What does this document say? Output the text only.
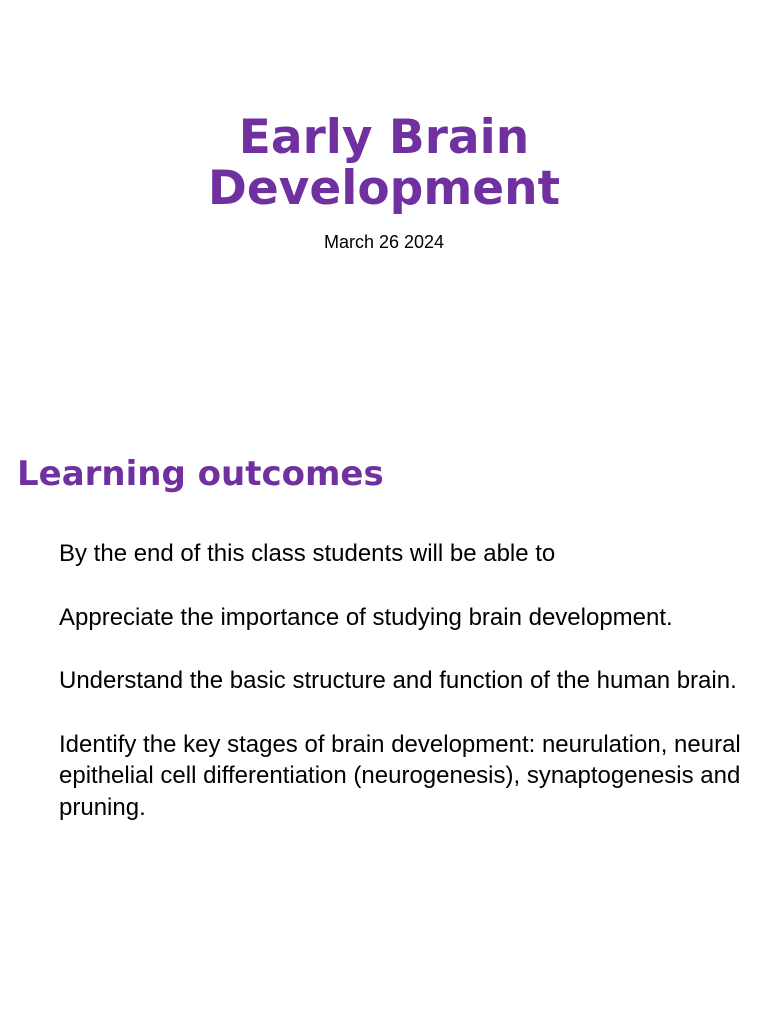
Early Brain
Development
March 26 2024
Learning outcomes

By the end of this class students will be able to

Appreciate the importance of studying brain development.

Understand the basic structure and function of the human brain.

Identify the key stages of brain development: neurulation, neural epithelial cell differentiation (neurogenesis), synaptogenesis and pruning.
